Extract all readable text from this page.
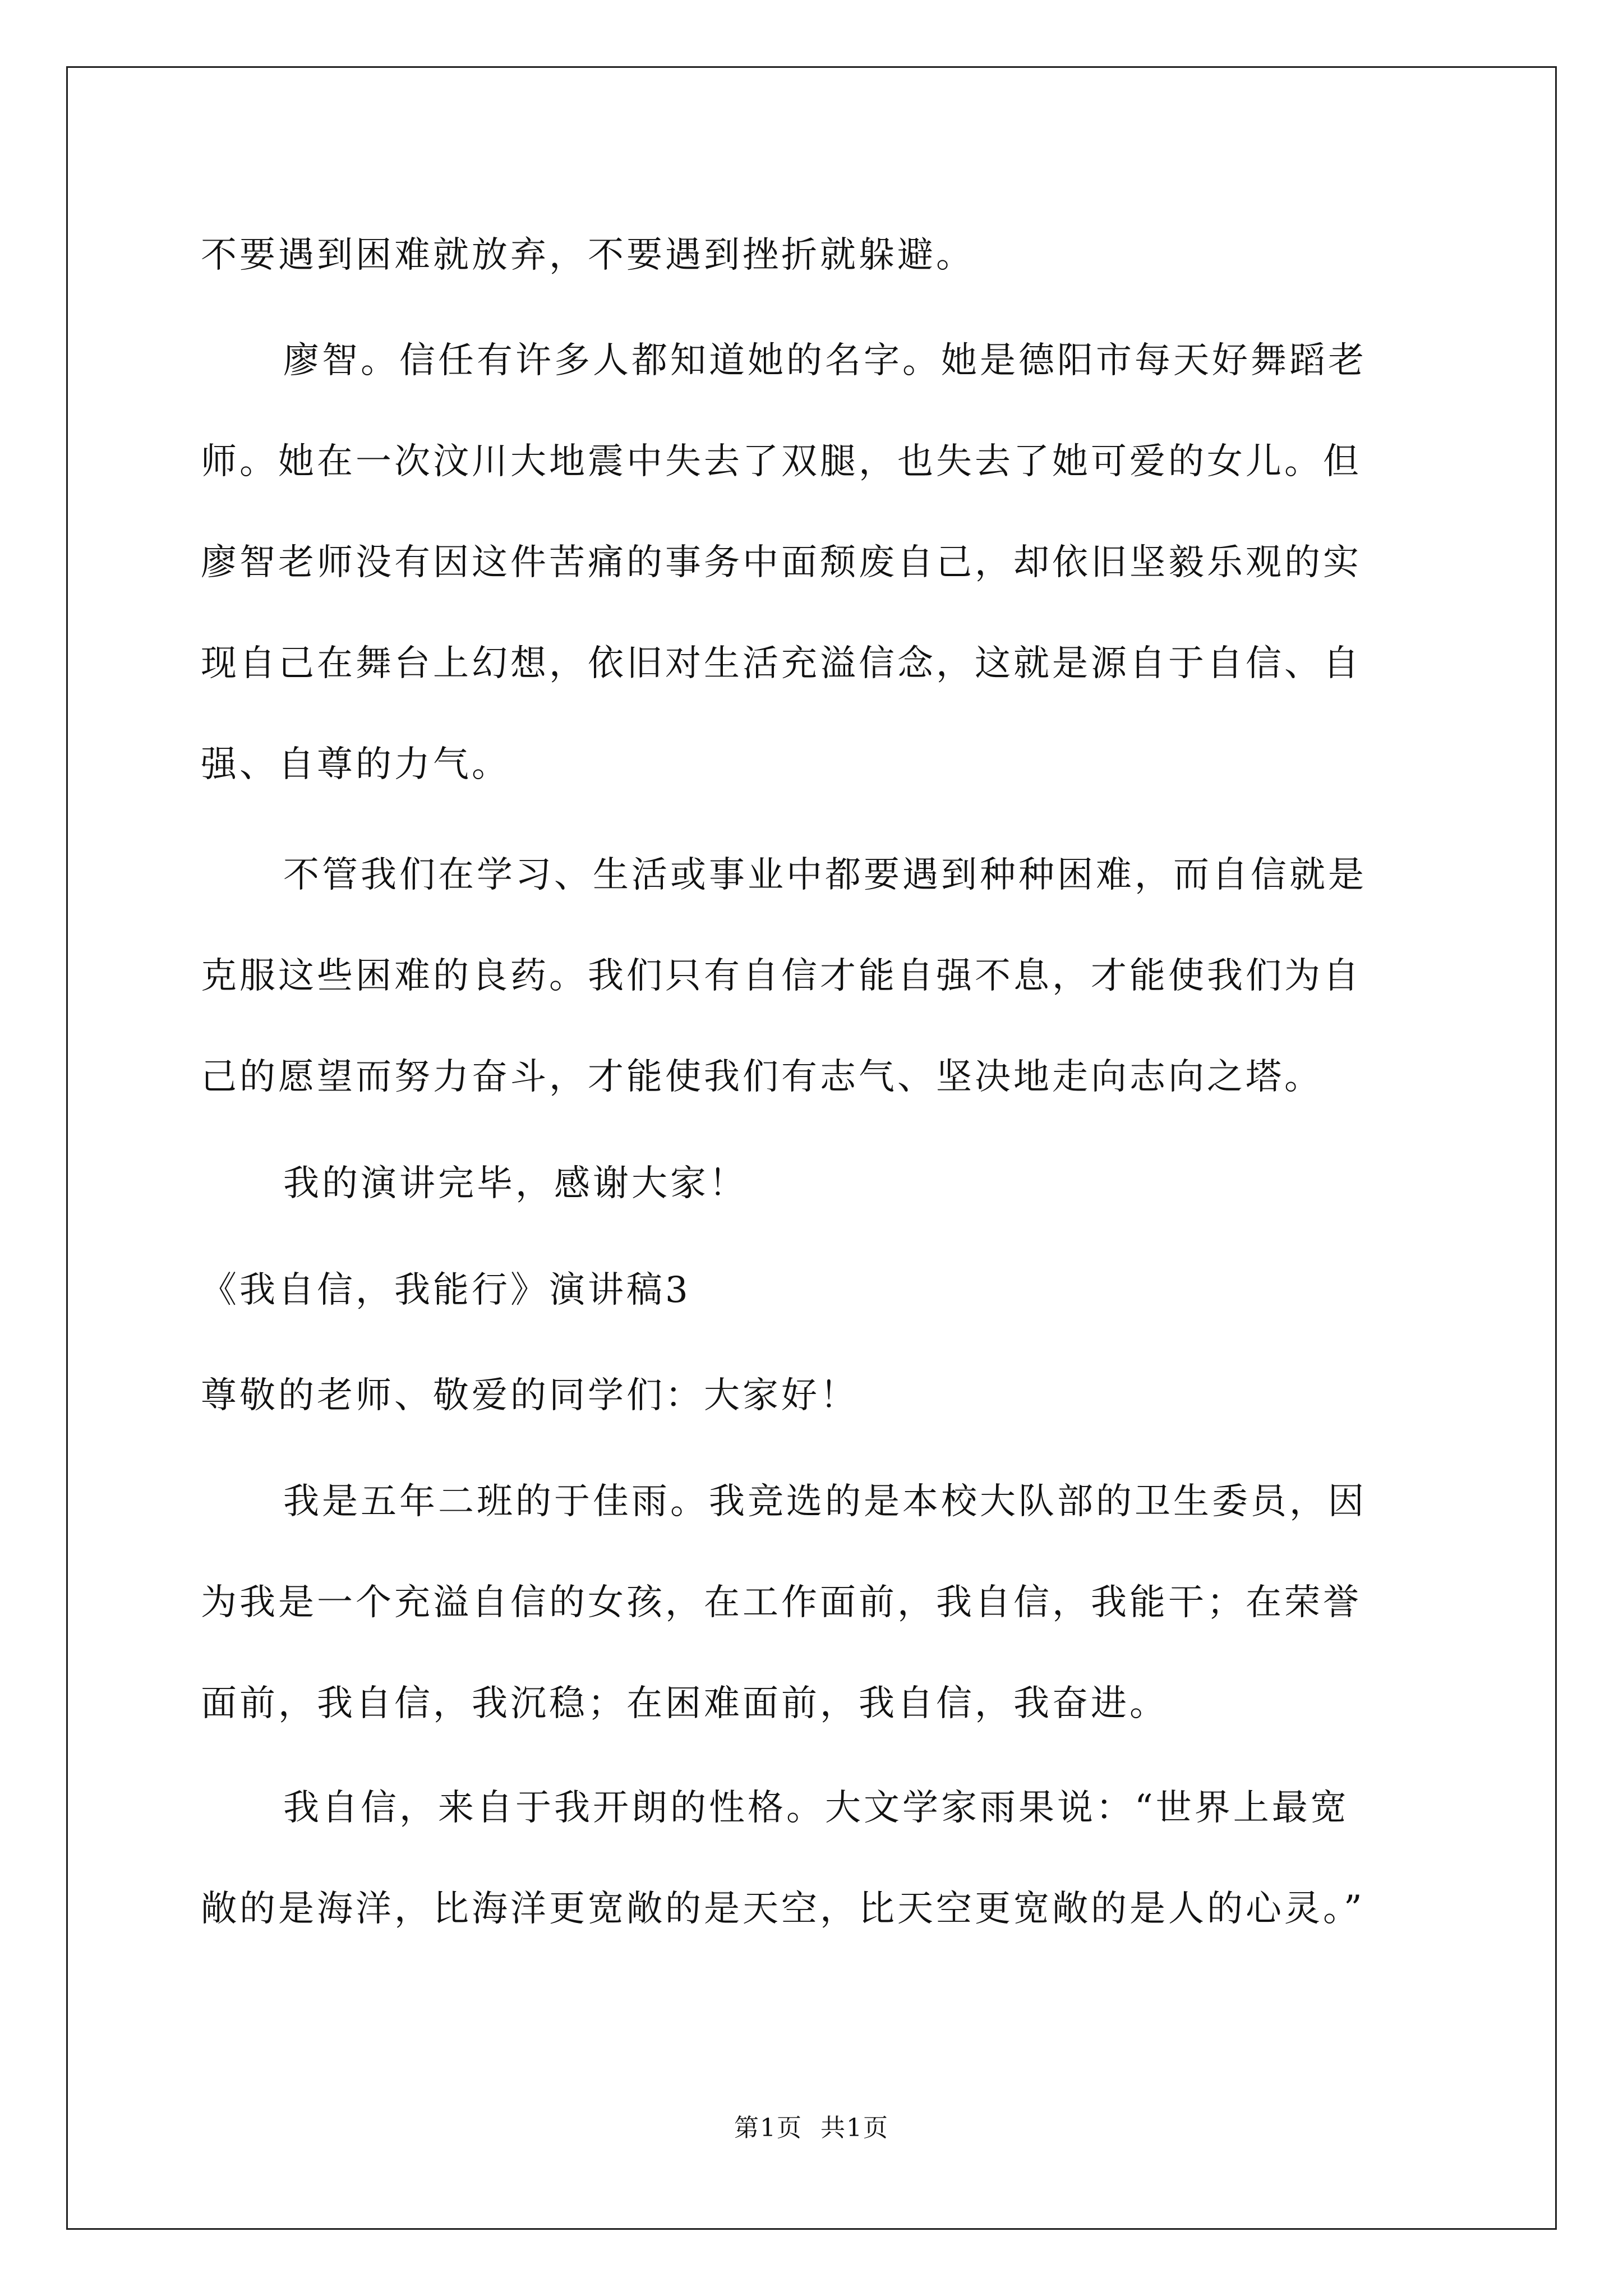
不要遇到困难就放弃，不要遇到挫折就躲避。
廖智。信任有许多人都知道她的名字。她是德阳市每天好舞蹈老
师。她在一次汶川大地震中失去了双腿，也失去了她可爱的女儿。但
廖智老师没有因这件苦痛的事务中面颓废自己，却依旧坚毅乐观的实
现自己在舞台上幻想，依旧对生活充溢信念，这就是源自于自信、自
强、自尊的力气。
不管我们在学习、生活或事业中都要遇到种种困难，而自信就是
克服这些困难的良药。我们只有自信才能自强不息，才能使我们为自
己的愿望而努力奋斗，才能使我们有志气、坚决地走向志向之塔。
我的演讲完毕，感谢大家！
《我自信，我能行》演讲稿3
尊敬的老师、敬爱的同学们：大家好！
我是五年二班的于佳雨。我竞选的是本校大队部的卫生委员，因
为我是一个充溢自信的女孩，在工作面前，我自信，我能干；在荣誉
面前，我自信，我沉稳；在困难面前，我自信，我奋进。
我自信，来自于我开朗的性格。大文学家雨果说：“世界上最宽
敞的是海洋，比海洋更宽敞的是天空，比天空更宽敞的是人的心灵。”
第1页 共1页
